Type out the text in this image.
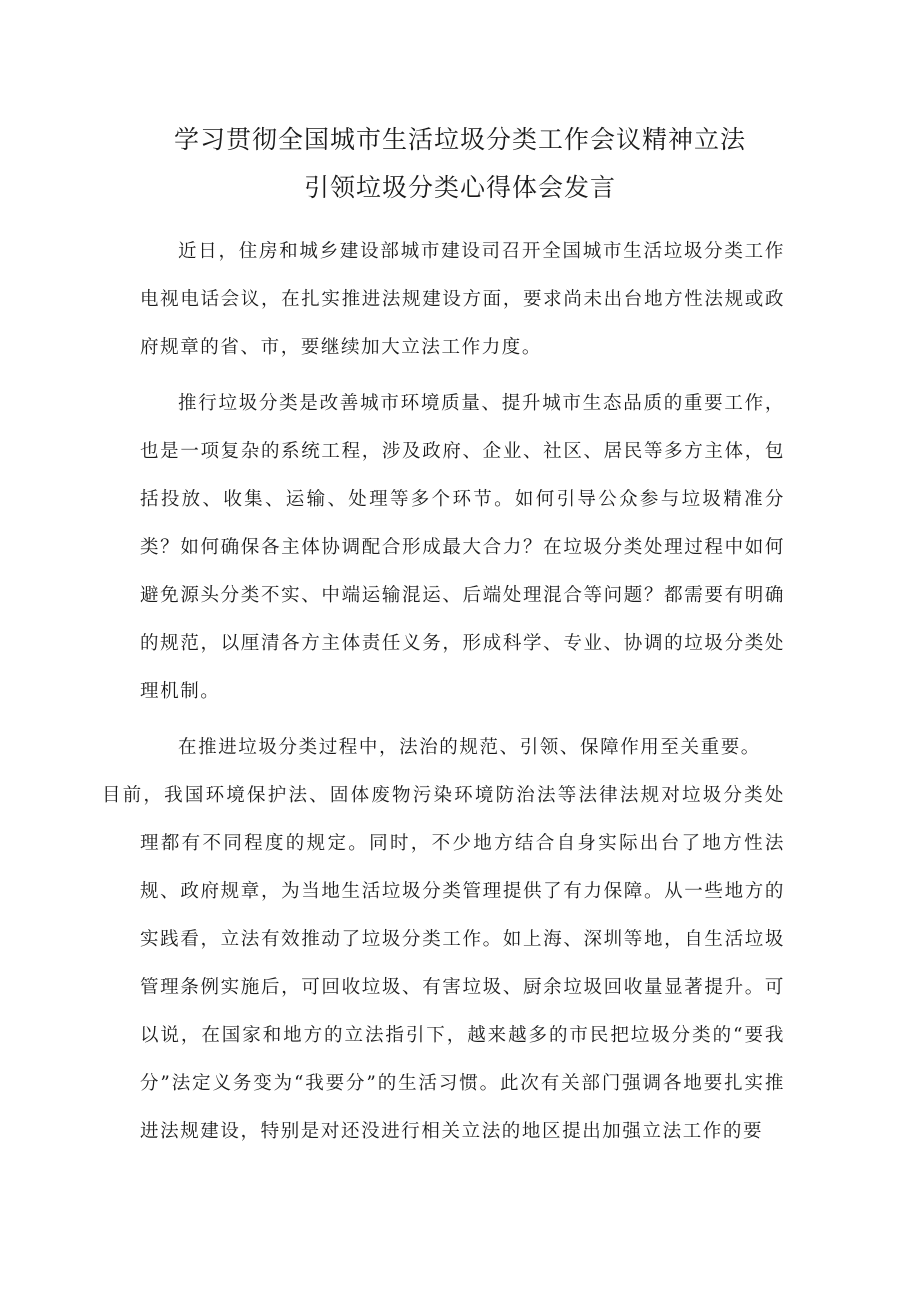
学习贯彻全国城市生活垃圾分类工作会议精神立法
引领垃圾分类心得体会发言

近日，住房和城乡建设部城市建设司召开全国城市生活垃圾分类工作电视电话会议，在扎实推进法规建设方面，要求尚未出台地方性法规或政府规章的省、市，要继续加大立法工作力度。

推行垃圾分类是改善城市环境质量、提升城市生态品质的重要工作，也是一项复杂的系统工程，涉及政府、企业、社区、居民等多方主体，包括投放、收集、运输、处理等多个环节。如何引导公众参与垃圾精准分类？如何确保各主体协调配合形成最大合力？在垃圾分类处理过程中如何避免源头分类不实、中端运输混运、后端处理混合等问题？都需要有明确的规范，以厘清各方主体责任义务，形成科学、专业、协调的垃圾分类处理机制。

在推进垃圾分类过程中，法治的规范、引领、保障作用至关重要。
目前，我国环境保护法、固体废物污染环境防治法等法律法规对垃圾分类处理都有不同程度的规定。同时，不少地方结合自身实际出台了地方性法规、政府规章，为当地生活垃圾分类管理提供了有力保障。从一些地方的实践看，立法有效推动了垃圾分类工作。如上海、深圳等地，自生活垃圾管理条例实施后，可回收垃圾、有害垃圾、厨余垃圾回收量显著提升。可以说，在国家和地方的立法指引下，越来越多的市民把垃圾分类的“要我分”法定义务变为“我要分”的生活习惯。此次有关部门强调各地要扎实推进法规建设，特别是对还没进行相关立法的地区提出加强立法工作的要
